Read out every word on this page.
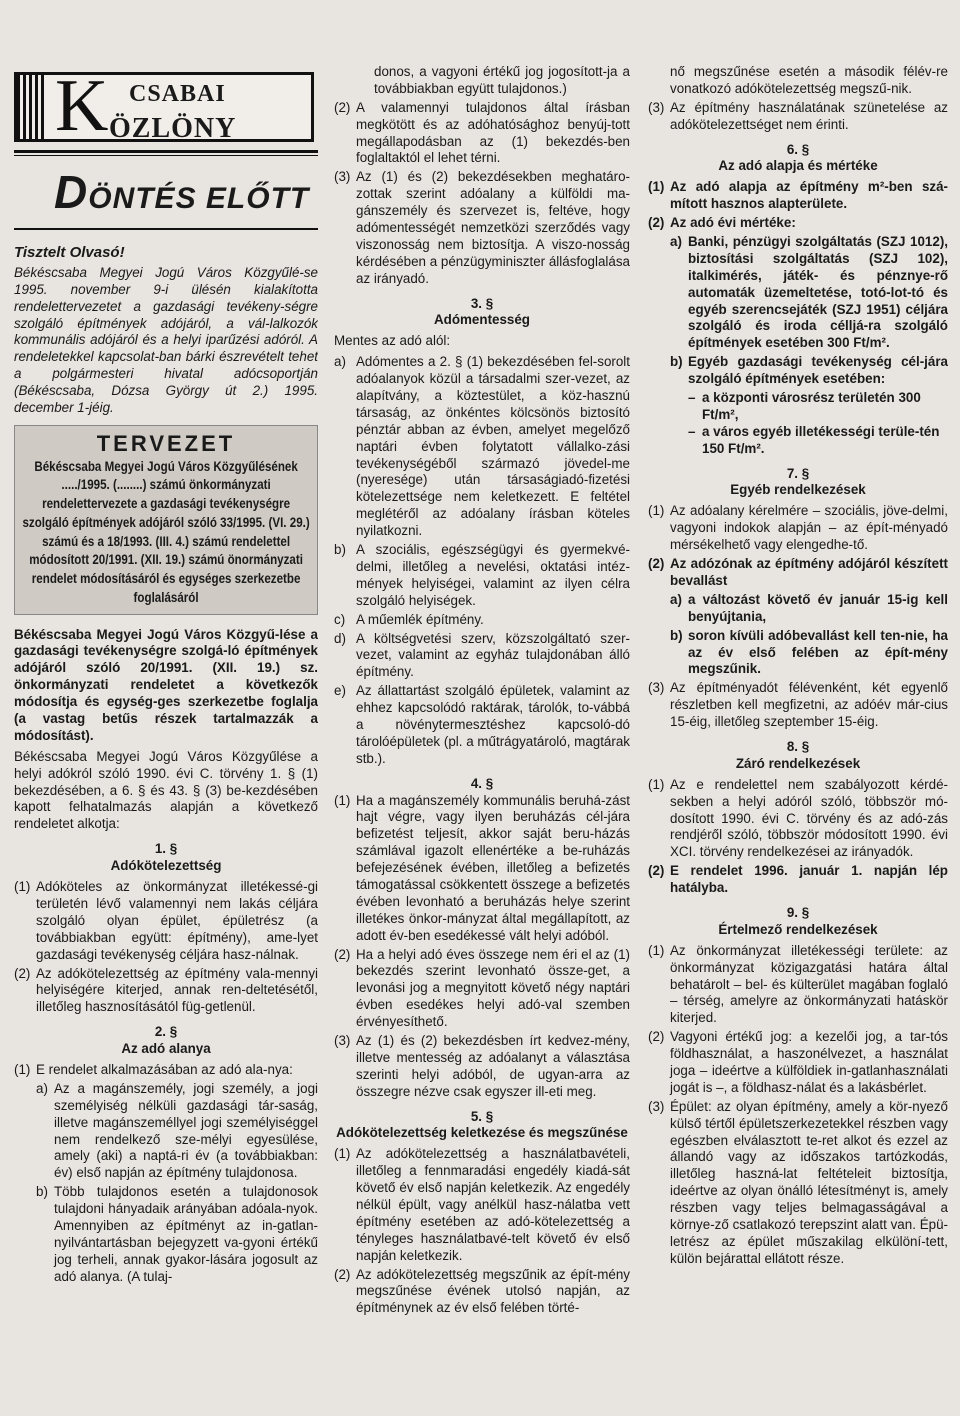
K CSABAI
ÖZLÖNY
DÖNTÉS ELŐTT
Tisztelt Olvasó!

Békéscsaba Megyei Jogú Város Közgyűlé-se 1995. november 9-i ülésén kialakította rendelettervezetet a gazdasági tevékeny-ségre szolgáló építmények adójáról, a vál-lalkozók kommunális adójáról és a helyi iparűzési adóról. A rendeletekkel kapcsolat-ban bárki észrevételt tehet a polgármesteri hivatal adócsoportján (Békéscsaba, Dózsa György út 2.) 1995. december 1-jéig.

TERVEZET
Békéscsaba Megyei Jogú Város Közgyűlésének ...../1995. (........) számú önkormányzati rendelettervezete a gazdasági tevékenységre szolgáló építmények adójáról szóló 33/1995. (VI. 29.) számú és a 18/1993. (III. 4.) számú rendelettel módosított 20/1991. (XII. 19.) számú önormányzati rendelet módosításáról és egységes szerkezetbe foglalásáról

Békéscsaba Megyei Jogú Város Közgyű-lése a gazdasági tevékenységre szolgá-ló építmények adójáról szóló 20/1991. (XII. 19.) sz. önkormányzati rendeletet a következők módosítja és egység-ges szerkezetbe foglalja (a vastag betűs részek tartalmazzák a módosítást).

Békéscsaba Megyei Jogú Város Közgyűlése a helyi adókról szóló 1990. évi C. törvény 1. § (1) bekezdésében, a 6. § és 43. § (3) be-kezdésében kapott felhatalmazás alapján a következő rendeletet alkotja:

1. §
Adókötelezettség
(1) Adóköteles az önkormányzat illetékessé-gi területén lévő valamennyi nem lakás céljára szolgáló olyan épület, épületrész (a továbbiakban együtt: építmény), ame-lyet gazdasági tevékenység céljára hasz-nálnak.
(2) Az adókötelezettség az építmény vala-mennyi helyiségére kiterjed, annak ren-deltetésétől, illetőleg hasznosításától füg-getlenül.
2. §
Az adó alanya
(1) E rendelet alkalmazásában az adó ala-nya:
a) Az a magánszemély, jogi személy, a jogi személyiség nélküli gazdasági tár-saság, illetve magánszeméllyel jogi személyiséggel nem rendelkező sze-mélyi egyesülése, amely (aki) a naptá-ri év (a továbbiakban: év) első napján az építmény tulajdonosa.
b) Több tulajdonos esetén a tulajdonosok tulajdoni hányadaik arányában adóala-nyok. Amennyiben az építményt az in-gatlan-nyilvántartásban bejegyzett va-gyoni értékű jog terheli, annak gyakor-lására jogosult az adó alanya. (A tulaj-
donos, a vagyoni értékű jog jogosított-ja a továbbiakban együtt tulajdonos.)
(2) A valamennyi tulajdonos által írásban megkötött és az adóhatósághoz benyúj-tott megállapodásban az (1) bekezdés-ben foglaltaktól el lehet térni.
(3) Az (1) és (2) bekezdésekben meghatáro-zottak szerint adóalany a külföldi ma-gánszemély és szervezet is, feltéve, hogy adómentességét nemzetközi szerződés vagy viszonosság nem biztosítja. A viszo-nosság kérdésében a pénzügyminiszter állásfoglalása az irányadó.
3. §
Adómentesség

Mentes az adó alól:

a) Adómentes a 2. § (1) bekezdésében fel-sorolt adóalanyok közül a társadalmi szer-vezet, az alapítvány, a köztestület, a köz-hasznú társaság, az önkéntes kölcsönös biztosító pénztár abban az évben, amelyet megelőző naptári évben folytatott vállalko-zási tevékenységéből származó jövedel-me (nyeresége) után társaságiadó-fizetési kötelezettsége nem keletkezett. E feltétel meglétéről az adóalany írásban köteles nyilatkozni.
b) A szociális, egészségügyi és gyermekvé-delmi, illetőleg a nevelési, oktatási intéz-mények helyiségei, valamint az ilyen célra szolgáló helyiségek.
c) A műemlék építmény.
d) A költségvetési szerv, közszolgáltató szer-vezet, valamint az egyház tulajdonában álló építmény.
e) Az állattartást szolgáló épületek, valamint az ehhez kapcsolódó raktárak, tárolók, to-vábbá a növénytermesztéshez kapcsoló-dó tárolóépületek (pl. a műtrágyatároló, magtárak stb.).
4. §
(1) Ha a magánszemély kommunális beruhá-zást hajt végre, vagy ilyen beruházás cél-jára befizetést teljesít, akkor saját beru-házás számlával igazolt ellenértéke a be-ruházás befejezésének évében, illetőleg a befizetés támogatással csökkentett összege a befizetés évében levonható a beruházás helye szerint illetékes önkor-mányzat által megállapított, az adott év-ben esedékessé vált helyi adóból.
(2) Ha a helyi adó éves összege nem éri el az (1) bekezdés szerint levonható össze-get, a levonási jog a megnyitott követő négy naptári évben esedékes helyi adó-val szemben érvényesíthető.
(3) Az (1) és (2) bekezdésben írt kedvez-mény, illetve mentesség az adóalanyt a választása szerinti helyi adóból, de ugyan-arra az összegre nézve csak egyszer ill-eti meg.
5. §
Adókötelezettség keletkezése és megszűnése
(1) Az adókötelezettség a használatbavételi, illetőleg a fennmaradási engedély kiadá-sát követő év első napján keletkezik. Az engedély nélkül épült, vagy anélkül hasz-nálatba vett építmény esetében az adó-kötelezettség a tényleges használatbavé-telt követő év első napján keletkezik.
(2) Az adókötelezettség megszűnik az épít-mény megszűnése évének utolsó napján, az építménynek az év első felében törté-
nő megszűnése esetén a második félév-re vonatkozó adókötelezettség megszű-nik.
(3) Az építmény használatának szünetelése az adókötelezettséget nem érinti.
6. §
Az adó alapja és mértéke
(1) Az adó alapja az építmény m²-ben szá-mított hasznos alapterülete.
(2) Az adó évi mértéke:
a) Banki, pénzügyi szolgáltatás (SZJ 1012), biztosítási szolgáltatás (SZJ 102), italkimérés, játék- és pénznye-rő automaták üzemeltetése, totó-lot-tó és egyéb szerencsejáték (SZJ 1951) céljára szolgáló és iroda célljá-ra szolgáló építmények esetében 300 Ft/m².
b) Egyéb gazdasági tevékenység cél-jára szolgáló építmények esetében:
– a központi városrész területén 300 Ft/m²,
– a város egyéb illetékességi terüle-tén 150 Ft/m².
7. §
Egyéb rendelkezések
(1) Az adóalany kérelmére – szociális, jöve-delmi, vagyoni indokok alapján – az épít-ményadó mérsékelhető vagy elengedhe-tő.
(2) Az adózónak az építmény adójáról készített bevallást
a) a változást követő év január 15-ig kell benyújtania,
b) soron kívüli adóbevallást kell ten-nie, ha az év első felében az épít-mény megszűnik.
(3) Az építményadót félévenként, két egyenlő részletben kell megfizetni, az adóév már-cius 15-éig, illetőleg szeptember 15-éig.
8. §
Záró rendelkezések
(1) Az e rendelettel nem szabályozott kérdé-sekben a helyi adóról szóló, többször mó-dosított 1990. évi C. törvény és az adó-zás rendjéről szóló, többször módosított 1990. évi XCI. törvény rendelkezései az irányadók.
(2) E rendelet 1996. január 1. napján lép hatályba.
9. §
Értelmező rendelkezések
(1) Az önkormányzat illetékességi területe: az önkormányzat közigazgatási határa által behatárolt – bel- és külterület magában foglaló – térség, amelyre az önkormányzati hatáskör kiterjed.
(2) Vagyoni értékű jog: a kezelői jog, a tar-tós földhasználat, a haszonélvezet, a használat joga – ideértve a külföldiek in-gatlanhasználati jogát is –, a földhasz-nálat és a lakásbérlet.
(3) Épület: az olyan építmény, amely a kör-nyező külső tértől épületszerkezetekkel részben vagy egészben elválasztott te-ret alkot és ezzel az állandó vagy az időszakos tartózkodás, illetőleg haszná-lat feltételeit biztosítja, ideértve az olyan önálló létesítményt is, amely részben vagy teljes belmagasságával a környe-ző csatlakozó terepszint alatt van. Épü-letrész az épület műszakilag elkülöní-tett, külön bejárattal ellátott része.
